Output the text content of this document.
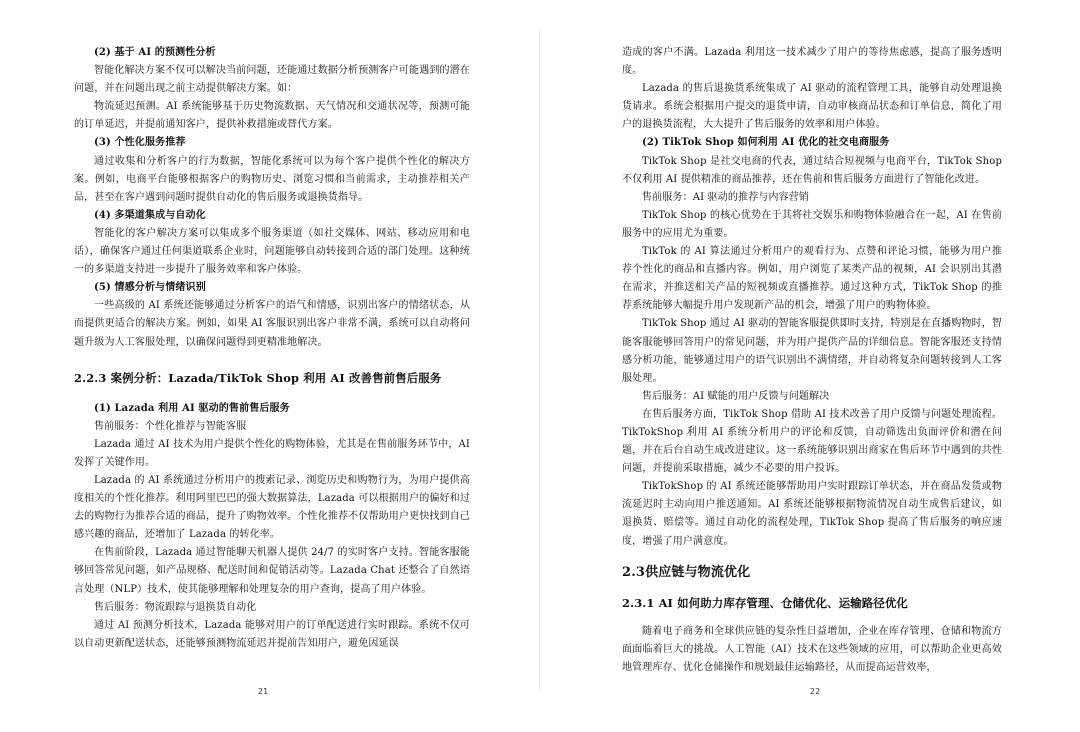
(2) 基于 AI 的预测性分析

智能化解决方案不仅可以解决当前问题，还能通过数据分析预测客户可能遇到的潜在问题，并在问题出现之前主动提供解决方案。如：

物流延迟预测。AI 系统能够基于历史物流数据、天气情况和交通状况等，预测可能的订单延迟，并提前通知客户，提供补救措施或替代方案。

(3) 个性化服务推荐

通过收集和分析客户的行为数据，智能化系统可以为每个客户提供个性化的解决方案。例如，电商平台能够根据客户的购物历史、浏览习惯和当前需求，主动推荐相关产品，甚至在客户遇到问题时提供自动化的售后服务或退换货指导。

(4) 多渠道集成与自动化

智能化的客户解决方案可以集成多个服务渠道（如社交媒体、网站、移动应用和电话），确保客户通过任何渠道联系企业时，问题能够自动转接到合适的部门处理。这种统一的多渠道支持进一步提升了服务效率和客户体验。

(5) 情感分析与情绪识别

一些高级的 AI 系统还能够通过分析客户的语气和情感，识别出客户的情绪状态，从而提供更适合的解决方案。例如，如果 AI 客服识别出客户非常不满，系统可以自动将问题升级为人工客服处理，以确保问题得到更精准地解决。

2.2.3 案例分析：Lazada/TikTok Shop 利用 AI 改善售前售后服务

(1) Lazada 利用 AI 驱动的售前售后服务

售前服务：个性化推荐与智能客服

Lazada 通过 AI 技术为用户提供个性化的购物体验，尤其是在售前服务环节中，AI 发挥了关键作用。

Lazada 的 AI 系统通过分析用户的搜索记录、浏览历史和购物行为，为用户提供高度相关的个性化推荐。利用阿里巴巴的强大数据算法，Lazada 可以根据用户的偏好和过去的购物行为推荐合适的商品，提升了购物效率。个性化推荐不仅帮助用户更快找到自己感兴趣的商品，还增加了 Lazada 的转化率。

在售前阶段，Lazada 通过智能聊天机器人提供 24/7 的实时客户支持。智能客服能够回答常见问题，如产品规格、配送时间和促销活动等。Lazada Chat 还整合了自然语言处理（NLP）技术，使其能够理解和处理复杂的用户查询，提高了用户体验。

售后服务：物流跟踪与退换货自动化

通过 AI 预测分析技术，Lazada 能够对用户的订单配送进行实时跟踪。系统不仅可以自动更新配送状态，还能够预测物流延迟并提前告知用户，避免因延误

21

造成的客户不满。Lazada 利用这一技术减少了用户的等待焦虑感，提高了服务透明度。

Lazada 的售后退换货系统集成了 AI 驱动的流程管理工具，能够自动处理退换货请求。系统会根据用户提交的退货申请，自动审核商品状态和订单信息，简化了用户的退换货流程，大大提升了售后服务的效率和用户体验。

(2) TikTok Shop 如何利用 AI 优化的社交电商服务

TikTok Shop 是社交电商的代表，通过结合短视频与电商平台，TikTok Shop 不仅利用 AI 提供精准的商品推荐，还在售前和售后服务方面进行了智能化改进。

售前服务：AI 驱动的推荐与内容营销

TikTok Shop 的核心优势在于其将社交娱乐和购物体验融合在一起，AI 在售前服务中的应用尤为重要。

TikTok 的 AI 算法通过分析用户的观看行为、点赞和评论习惯，能够为用户推荐个性化的商品和直播内容。例如，用户浏览了某类产品的视频，AI 会识别出其潜在需求，并推送相关产品的短视频或直播推荐。通过这种方式，TikTok Shop 的推荐系统能够大幅提升用户发现新产品的机会，增强了用户的购物体验。

TikTok Shop 通过 AI 驱动的智能客服提供即时支持，特别是在直播购物时，智能客服能够回答用户的常见问题，并为用户提供产品的详细信息。智能客服还支持情感分析功能，能够通过用户的语气识别出不满情绪，并自动将复杂问题转接到人工客服处理。

售后服务：AI 赋能的用户反馈与问题解决

在售后服务方面，TikTok Shop 借助 AI 技术改善了用户反馈与问题处理流程。TikTokShop 利用 AI 系统分析用户的评论和反馈，自动筛选出负面评价和潜在问题，并在后台自动生成改进建议。这一系统能够识别出商家在售后环节中遇到的共性问题，并提前采取措施，减少不必要的用户投诉。

TikTokShop 的 AI 系统还能够帮助用户实时跟踪订单状态，并在商品发货或物流延迟时主动向用户推送通知。AI 系统还能够根据物流情况自动生成售后建议，如退换货、赔偿等。通过自动化的流程处理，TikTok Shop 提高了售后服务的响应速度，增强了用户满意度。

2.3供应链与物流优化

2.3.1 AI 如何助力库存管理、仓储优化、运输路径优化

随着电子商务和全球供应链的复杂性日益增加，企业在库存管理、仓储和物流方面面临着巨大的挑战。人工智能（AI）技术在这些领域的应用，可以帮助企业更高效地管理库存、优化仓储操作和规划最佳运输路径，从而提高运营效率，

22
